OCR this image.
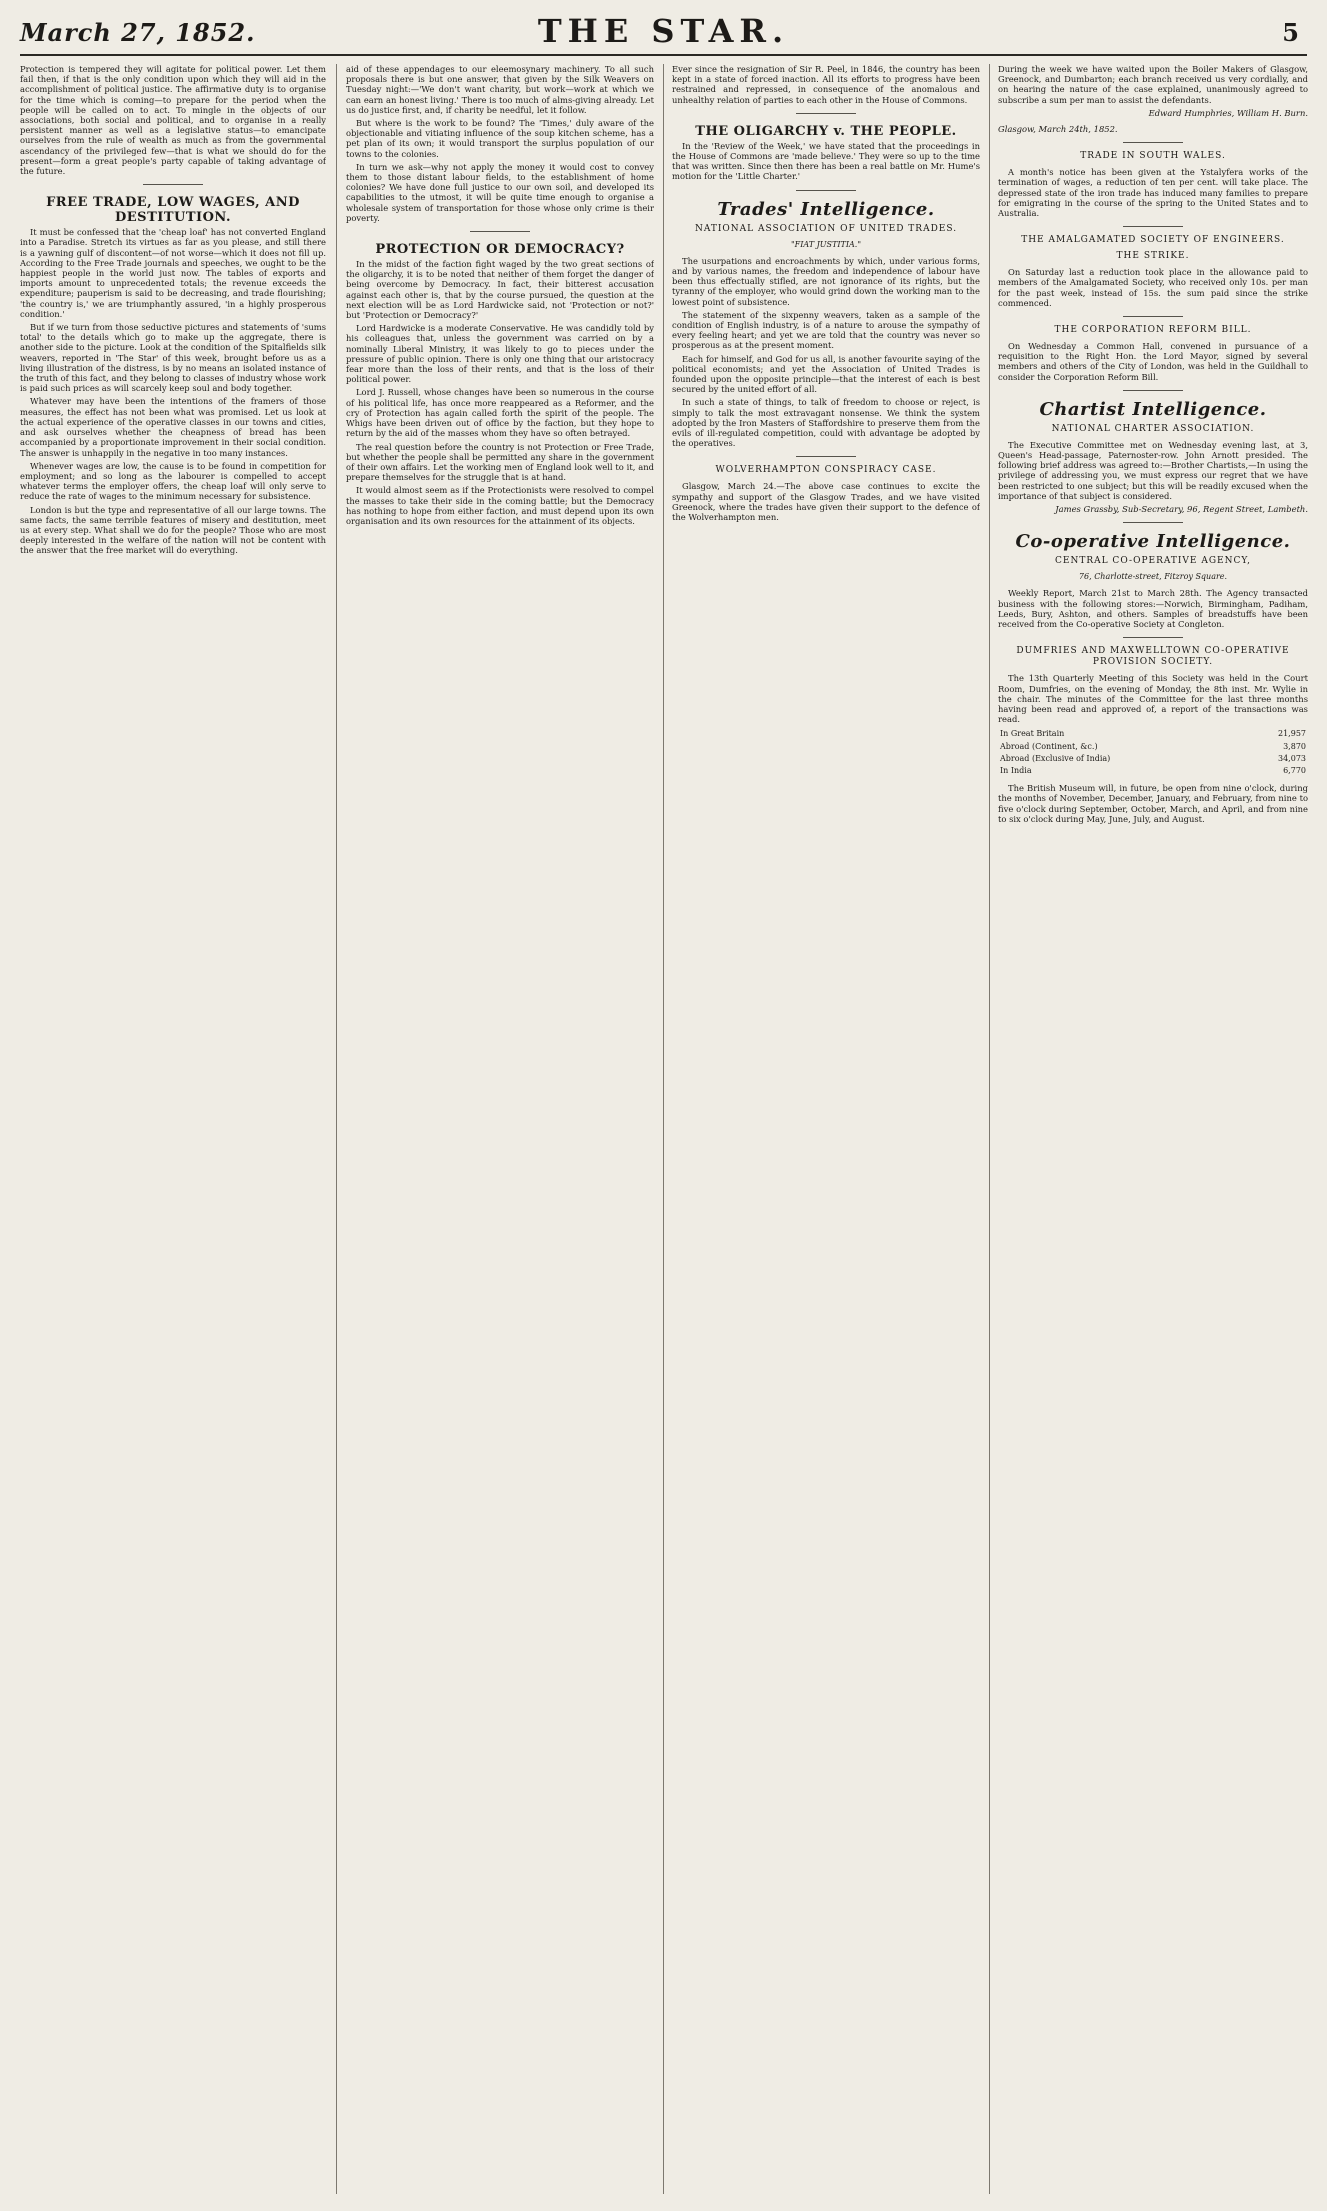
March 27, 1852.	THE STAR.	5

Protection is tempered they will agitate for political power. Let them fail then, if that is the only condition upon which they will aid in the accomplishment of political justice. The affirmative duty is to organise for the time which is coming—to prepare for the period when the people will be called on to act. To mingle in the objects of our associations, both social and political, and to organise in a really persistent manner as well as a legislative status—to emancipate ourselves from the rule of wealth as much as from the governmental ascendancy of the privileged few—that is what we should do for the present—form a great people's party capable of taking advantage of the future.

FREE TRADE, LOW WAGES, AND DESTITUTION.

It must be confessed that the 'cheap loaf' has not converted England into a Paradise. Stretch its virtues as far as you please, and still there is a yawning gulf of discontent—of not worse—which it does not fill up. According to the Free Trade journals and speeches, we ought to be the happiest people in the world just now. The tables of exports and imports amount to unprecedented totals; the revenue exceeds the expenditure; pauperism is said to be decreasing, and trade flourishing; 'the country is,' we are triumphantly assured, 'in a highly prosperous condition.'

But if we turn from those seductive pictures and statements of 'sums total' to the details which go to make up the aggregate, there is another side to the picture. Look at the condition of the Spitalfields silk weavers, reported in 'The Star' of this week, brought before us as a living illustration of the distress, is by no means an isolated instance of the truth of this fact, and they belong to classes of industry whose work is paid such prices as will scarcely keep soul and body together.

Whatever may have been the intentions of the framers of those measures, the effect has not been what was promised. Let us look at the actual experience of the operative classes in our towns and cities, and ask ourselves whether the cheapness of bread has been accompanied by a proportionate improvement in their social condition. The answer is unhappily in the negative in too many instances.

Whenever wages are low, the cause is to be found in competition for employment; and so long as the labourer is compelled to accept whatever terms the employer offers, the cheap loaf will only serve to reduce the rate of wages to the minimum necessary for subsistence.

London is but the type and representative of all our large towns. The same facts, the same terrible features of misery and destitution, meet us at every step. What shall we do for the people? Those who are most deeply interested in the welfare of the nation will not be content with the answer that the free market will do everything.

aid of these appendages to our eleemosynary machinery. To all such proposals there is but one answer, that given by the Silk Weavers on Tuesday night:—'We don't want charity, but work—work at which we can earn an honest living.' There is too much of alms-giving already. Let us do justice first, and, if charity be needful, let it follow.

But where is the work to be found? The 'Times,' duly aware of the objectionable and vitiating influence of the soup kitchen scheme, has a pet plan of its own; it would transport the surplus population of our towns to the colonies.

In turn we ask—why not apply the money it would cost to convey them to those distant labour fields, to the establishment of home colonies? We have done full justice to our own soil, and developed its capabilities to the utmost, it will be quite time enough to organise a wholesale system of transportation for those whose only crime is their poverty.

PROTECTION OR DEMOCRACY?

In the midst of the faction fight waged by the two great sections of the oligarchy, it is to be noted that neither of them forget the danger of being overcome by Democracy. In fact, their bitterest accusation against each other is, that by the course pursued, the question at the next election will be as Lord Hardwicke said, not 'Protection or not?' but 'Protection or Democracy?'

Lord Hardwicke is a moderate Conservative. He was candidly told by his colleagues that, unless the government was carried on by a nominally Liberal Ministry, it was likely to go to pieces under the pressure of public opinion. There is only one thing that our aristocracy fear more than the loss of their rents, and that is the loss of their political power.

Lord J. Russell, whose changes have been so numerous in the course of his political life, has once more reappeared as a Reformer, and the cry of Protection has again called forth the spirit of the people. The Whigs have been driven out of office by the faction, but they hope to return by the aid of the masses whom they have so often betrayed.

The real question before the country is not Protection or Free Trade, but whether the people shall be permitted any share in the government of their own affairs. Let the working men of England look well to it, and prepare themselves for the struggle that is at hand.

It would almost seem as if the Protectionists were resolved to compel the masses to take their side in the coming battle; but the Democracy has nothing to hope from either faction, and must depend upon its own organisation and its own resources for the attainment of its objects.

Ever since the resignation of Sir R. Peel, in 1846, the country has been kept in a state of forced inaction. All its efforts to progress have been restrained and repressed, in consequence of the anomalous and unhealthy relation of parties to each other in the House of Commons.

THE OLIGARCHY v. THE PEOPLE.

In the 'Review of the Week,' we have stated that the proceedings in the House of Commons are 'made believe.' They were so up to the time that was written. Since then there has been a real battle on Mr. Hume's motion for the 'Little Charter.'

Trades' Intelligence.
NATIONAL ASSOCIATION OF UNITED TRADES.
"FIAT JUSTITIA."

The usurpations and encroachments by which, under various forms, and by various names, the freedom and independence of labour have been thus effectually stifled, are not ignorance of its rights, but the tyranny of the employer, who would grind down the working man to the lowest point of subsistence.

The statement of the sixpenny weavers, taken as a sample of the condition of English industry, is of a nature to arouse the sympathy of every feeling heart; and yet we are told that the country was never so prosperous as at the present moment.

Each for himself, and God for us all, is another favourite saying of the political economists; and yet the Association of United Trades is founded upon the opposite principle—that the interest of each is best secured by the united effort of all.

In such a state of things, to talk of freedom to choose or reject, is simply to talk the most extravagant nonsense. We think the system adopted by the Iron Masters of Staffordshire to preserve them from the evils of ill-regulated competition, could with advantage be adopted by the operatives.

WOLVERHAMPTON CONSPIRACY CASE.

Glasgow, March 24.—The above case continues to excite the sympathy and support of the Glasgow Trades, and we have visited Greenock, where the trades have given their support to the defence of the Wolverhampton men.

During the week we have waited upon the Boiler Makers of Glasgow, Greenock, and Dumbarton; each branch received us very cordially, and on hearing the nature of the case explained, unanimously agreed to subscribe a sum per man to assist the defendants.

Edward Humphries, William H. Burn.
Glasgow, March 24th, 1852.
TRADE IN SOUTH WALES.

A month's notice has been given at the Ystalyfera works of the termination of wages, a reduction of ten per cent. will take place. The depressed state of the iron trade has induced many families to prepare for emigrating in the course of the spring to the United States and to Australia.

THE AMALGAMATED SOCIETY OF ENGINEERS.
THE STRIKE.

On Saturday last a reduction took place in the allowance paid to members of the Amalgamated Society, who received only 10s. per man for the past week, instead of 15s. the sum paid since the strike commenced.

THE CORPORATION REFORM BILL.

On Wednesday a Common Hall, convened in pursuance of a requisition to the Right Hon. the Lord Mayor, signed by several members and others of the City of London, was held in the Guildhall to consider the Corporation Reform Bill.

Chartist Intelligence.
NATIONAL CHARTER ASSOCIATION.

The Executive Committee met on Wednesday evening last, at 3, Queen's Head-passage, Paternoster-row. John Arnott presided. The following brief address was agreed to:—Brother Chartists,—In using the privilege of addressing you, we must express our regret that we have been restricted to one subject; but this will be readily excused when the importance of that subject is considered.

James Grassby, Sub-Secretary, 96, Regent Street, Lambeth.
Co-operative Intelligence.
CENTRAL CO-OPERATIVE AGENCY,
76, Charlotte-street, Fitzroy Square.

Weekly Report, March 21st to March 28th. The Agency transacted business with the following stores:—Norwich, Birmingham, Padiham, Leeds, Bury, Ashton, and others. Samples of breadstuffs have been received from the Co-operative Society at Congleton.

DUMFRIES AND MAXWELLTOWN CO-OPERATIVE PROVISION SOCIETY.

The 13th Quarterly Meeting of this Society was held in the Court Room, Dumfries, on the evening of Monday, the 8th inst. Mr. Wylie in the chair. The minutes of the Committee for the last three months having been read and approved of, a report of the transactions was read.

In Great Britain	21,957
Abroad (Continent, &c.)	3,870
Abroad (Exclusive of India)	34,073
In India	6,770

The British Museum will, in future, be open from nine o'clock, during the months of November, December, January, and February, from nine to five o'clock during September, October, March, and April, and from nine to six o'clock during May, June, July, and August.
